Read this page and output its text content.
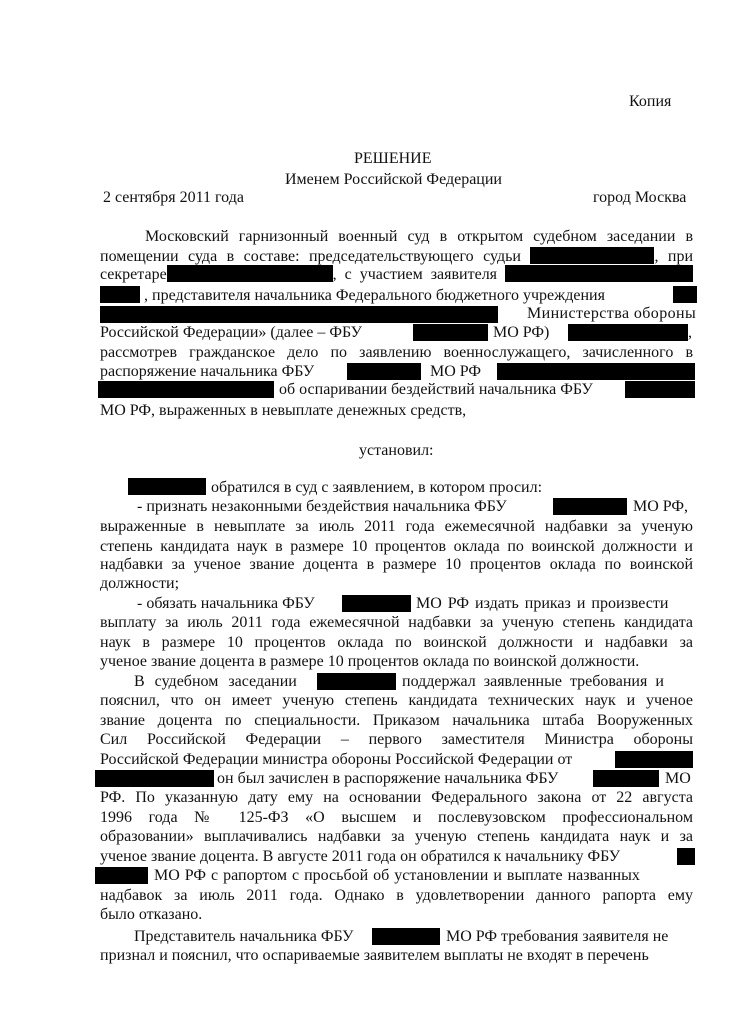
Копия
РЕШЕНИЕ
Именем Российской Федерации
2 сентября 2011 года	город Москва
Московский гарнизонный военный суд в открытом судебном заседании в
помещении суда в составе: председательствующего судьи	, при
секретаре	, с участием заявителя
, представителя начальника Федерального бюджетного учреждения
Министерства обороны
Российской Федерации» (далее – ФБУ	МО РФ)	,
рассмотрев гражданское дело по заявлению военнослужащего, зачисленного в
распоряжение начальника ФБУ	МО РФ
об оспаривании бездействий начальника ФБУ
МО РФ, выраженных в невыплате денежных средств,
установил:
обратился в суд с заявлением, в котором просил:
- признать незаконными бездействия начальника ФБУ	МО РФ,
выраженные в невыплате за июль 2011 года ежемесячной надбавки за ученую
степень кандидата наук в размере 10 процентов оклада по воинской должности и
надбавки за ученое звание доцента в размере 10 процентов оклада по воинской
должности;
- обязать начальника ФБУ	МО РФ издать приказ и произвести
выплату за июль 2011 года ежемесячной надбавки за ученую степень кандидата
наук в размере 10 процентов оклада по воинской должности и надбавки за
ученое звание доцента в размере 10 процентов оклада по воинской должности.
В судебном заседании	поддержал заявленные требования и
пояснил, что он имеет ученую степень кандидата технических наук и ученое
звание доцента по специальности. Приказом начальника штаба Вооруженных
Сил Российской Федерации – первого заместителя Министра обороны
Российской Федерации министра обороны Российской Федерации от
он был зачислен в распоряжение начальника ФБУ	МО
РФ. По указанную дату ему на основании Федерального закона от 22 августа
1996 года № 125-ФЗ «О высшем и послевузовском профессиональном
образовании» выплачивались надбавки за ученую степень кандидата наук и за
ученое звание доцента. В августе 2011 года он обратился к начальнику ФБУ
МО РФ с рапортом с просьбой об установлении и выплате названных
надбавок за июль 2011 года. Однако в удовлетворении данного рапорта ему
было отказано.
Представитель начальника ФБУ	МО РФ требования заявителя не
признал и пояснил, что оспариваемые заявителем выплаты не входят в перечень
